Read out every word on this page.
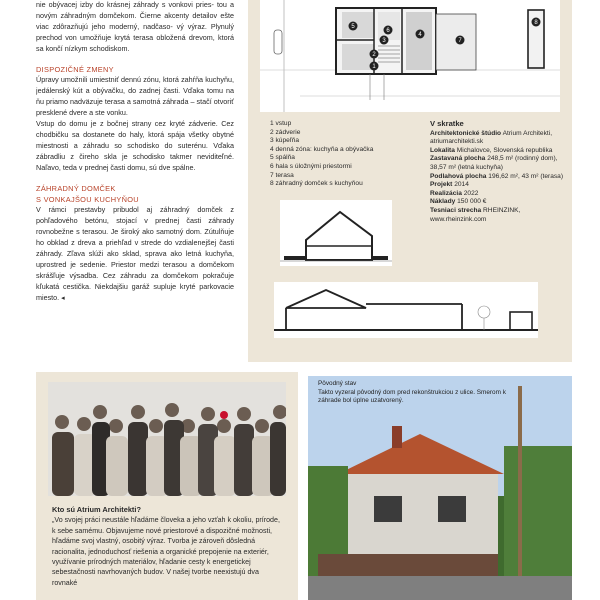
nie obývacej izby do krásnej záhrady s vonkovi pries- tou a novým záhradným domčekom. Čierne akcenty detailov ešte viac zdôrazňujú jeho moderný, nadčaso- vý výraz. Plynulý prechod von umožňuje krytá terasa obložená drevom, ktorá sa končí nízkym schodiskom.

DISPOZIČNÉ ZMENY

Úpravy umožnili umiestniť dennú zónu, ktorá zahŕňa kuchyňu, jedálenský kút a obývačku, do zadnej časti. Vďaka tomu na ňu priamo nadväzuje terasa a samotná záhrada – stačí otvoriť presklené dvere a ste vonku.

Vstup do domu je z bočnej strany cez kryté zádverie. Cez chodbičku sa dostanete do haly, ktorá spája všetky obytné miestnosti a záhradu so schodisko do suterénu. Vďaka zábradliu z čireho skla je schodisko takmer neviditeľné. Naľavo, teda v prednej časti domu, sú dve spálne.

ZÁHRADNÝ DOMČEK
S VONKAJŠOU KUCHYŇOU

V rámci prestavby pribudol aj záhradný domček z pohľadového betónu, stojací v prednej časti záhrady rovnobežne s terasou. Je široký ako samotný dom. Zútulňuje ho obklad z dreva a priehľad v strede do vzdialenejšej časti záhrady. Zľava slúži ako sklad, sprava ako letná kuchyňa, uprostred je sedenie. Priestor medzi terasou a domčekom skrášľuje výsadba. Cez záhradu za domčekom pokračuje kľukatá cestička. Niekdajšiu garáž supluje kryté parkovacie miesto. ◂

1
2
3
4
5
6
7
8
1 vstup
2 zádverie
3 kúpeľňa
4 denná zóna: kuchyňa a obývačka
5 spálňa
6 hala s úložnými priestormi
7 terasa
8 záhradný domček s kuchyňou
V skratke
Architektonické štúdio Atrium Architekti, atriumarchitekti.sk
Lokalita Michalovce, Slovenská republika
Zastavaná plocha 248,5 m² (rodinný dom), 38,57 m² (letná kuchyňa)
Podlahová plocha 196,62 m², 43 m² (terasa)
Projekt 2014
Realizácia 2022
Náklady 150 000 €
Tesniaci strecha RHEINZINK, www.rheinzink.com
Kto sú Atrium Architekti?
„Vo svojej práci neustále hľadáme človeka a jeho vzťah k okoliu, prírode, k sebe samému. Objavujeme nové priestorové a dispozičné možnosti, hľadáme svoj vlastný, osobitý výraz. Tvorba je zároveň dôsledná racionalita, jednoduchosť riešenia a organické prepojenie na exteriér, využívanie prírodných materiálov, hľadanie cesty k energetickej sebestačnosti navrhovaných budov. V našej tvorbe neexistujú dva rovnaké
Pôvodný stav
Takto vyzeral pôvodný dom pred rekonštrukciou z ulice. Smerom k záhrade bol úplne uzatvorený.
